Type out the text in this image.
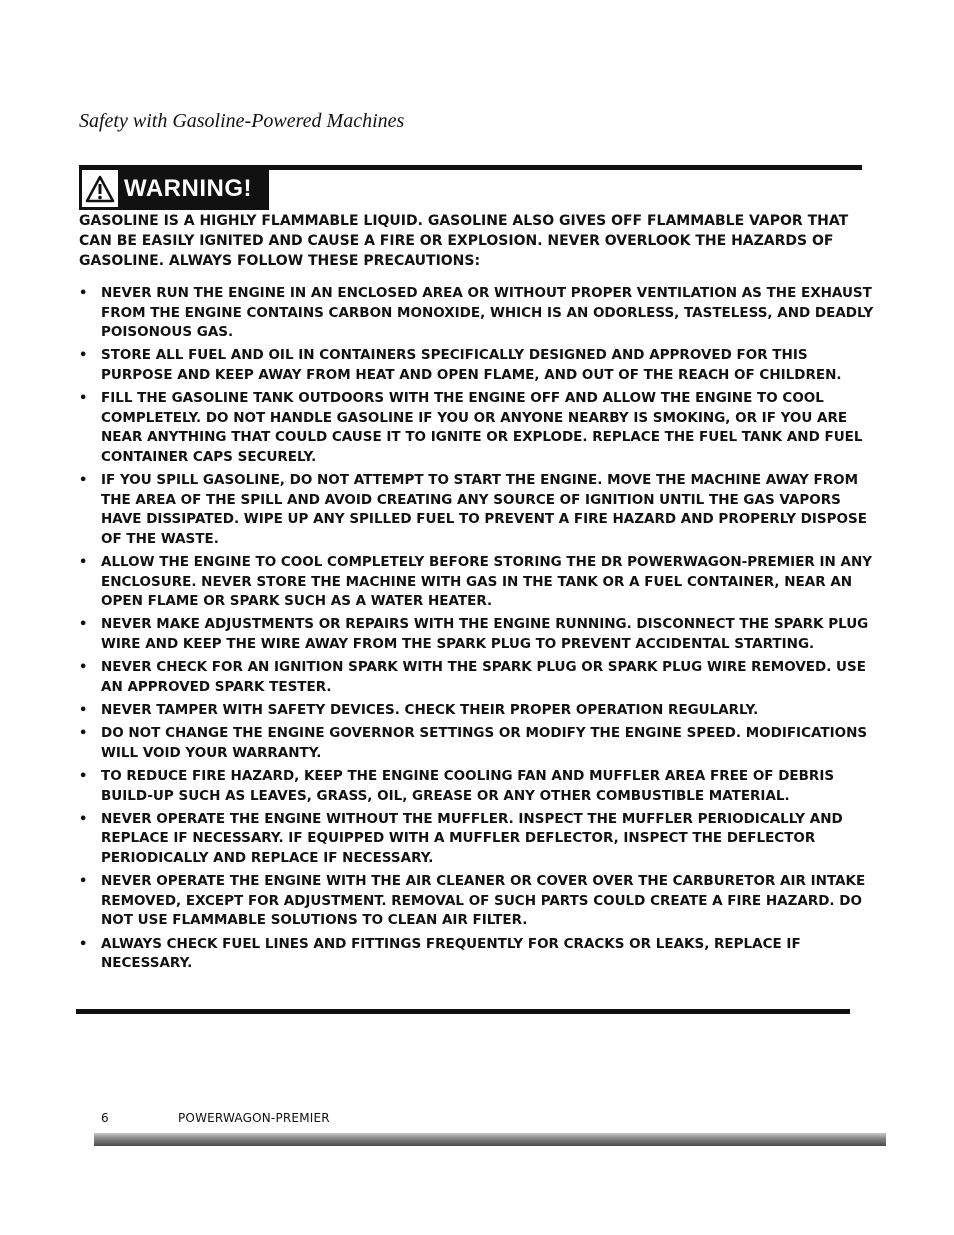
Safety with Gasoline-Powered Machines
WARNING!

GASOLINE IS A HIGHLY FLAMMABLE LIQUID. GASOLINE ALSO GIVES OFF FLAMMABLE VAPOR THAT CAN BE EASILY IGNITED AND CAUSE A FIRE OR EXPLOSION. NEVER OVERLOOK THE HAZARDS OF GASOLINE. ALWAYS FOLLOW THESE PRECAUTIONS:

• NEVER RUN THE ENGINE IN AN ENCLOSED AREA OR WITHOUT PROPER VENTILATION AS THE EXHAUST FROM THE ENGINE CONTAINS CARBON MONOXIDE, WHICH IS AN ODORLESS, TASTELESS, AND DEADLY POISONOUS GAS.
• STORE ALL FUEL AND OIL IN CONTAINERS SPECIFICALLY DESIGNED AND APPROVED FOR THIS PURPOSE AND KEEP AWAY FROM HEAT AND OPEN FLAME, AND OUT OF THE REACH OF CHILDREN.
• FILL THE GASOLINE TANK OUTDOORS WITH THE ENGINE OFF AND ALLOW THE ENGINE TO COOL COMPLETELY. DO NOT HANDLE GASOLINE IF YOU OR ANYONE NEARBY IS SMOKING, OR IF YOU ARE NEAR ANYTHING THAT COULD CAUSE IT TO IGNITE OR EXPLODE. REPLACE THE FUEL TANK AND FUEL CONTAINER CAPS SECURELY.
• IF YOU SPILL GASOLINE, DO NOT ATTEMPT TO START THE ENGINE. MOVE THE MACHINE AWAY FROM THE AREA OF THE SPILL AND AVOID CREATING ANY SOURCE OF IGNITION UNTIL THE GAS VAPORS HAVE DISSIPATED. WIPE UP ANY SPILLED FUEL TO PREVENT A FIRE HAZARD AND PROPERLY DISPOSE OF THE WASTE.
• ALLOW THE ENGINE TO COOL COMPLETELY BEFORE STORING THE DR POWERWAGON-PREMIER IN ANY ENCLOSURE. NEVER STORE THE MACHINE WITH GAS IN THE TANK OR A FUEL CONTAINER, NEAR AN OPEN FLAME OR SPARK SUCH AS A WATER HEATER.
• NEVER MAKE ADJUSTMENTS OR REPAIRS WITH THE ENGINE RUNNING. DISCONNECT THE SPARK PLUG WIRE AND KEEP THE WIRE AWAY FROM THE SPARK PLUG TO PREVENT ACCIDENTAL STARTING.
• NEVER CHECK FOR AN IGNITION SPARK WITH THE SPARK PLUG OR SPARK PLUG WIRE REMOVED. USE AN APPROVED SPARK TESTER.
• NEVER TAMPER WITH SAFETY DEVICES. CHECK THEIR PROPER OPERATION REGULARLY.
• DO NOT CHANGE THE ENGINE GOVERNOR SETTINGS OR MODIFY THE ENGINE SPEED. MODIFICATIONS WILL VOID YOUR WARRANTY.
• TO REDUCE FIRE HAZARD, KEEP THE ENGINE COOLING FAN AND MUFFLER AREA FREE OF DEBRIS BUILD-UP SUCH AS LEAVES, GRASS, OIL, GREASE OR ANY OTHER COMBUSTIBLE MATERIAL.
• NEVER OPERATE THE ENGINE WITHOUT THE MUFFLER. INSPECT THE MUFFLER PERIODICALLY AND REPLACE IF NECESSARY. IF EQUIPPED WITH A MUFFLER DEFLECTOR, INSPECT THE DEFLECTOR PERIODICALLY AND REPLACE IF NECESSARY.
• NEVER OPERATE THE ENGINE WITH THE AIR CLEANER OR COVER OVER THE CARBURETOR AIR INTAKE REMOVED, EXCEPT FOR ADJUSTMENT. REMOVAL OF SUCH PARTS COULD CREATE A FIRE HAZARD. DO NOT USE FLAMMABLE SOLUTIONS TO CLEAN AIR FILTER.
• ALWAYS CHECK FUEL LINES AND FITTINGS FREQUENTLY FOR CRACKS OR LEAKS, REPLACE IF NECESSARY.
6	POWERWAGON-PREMIER
